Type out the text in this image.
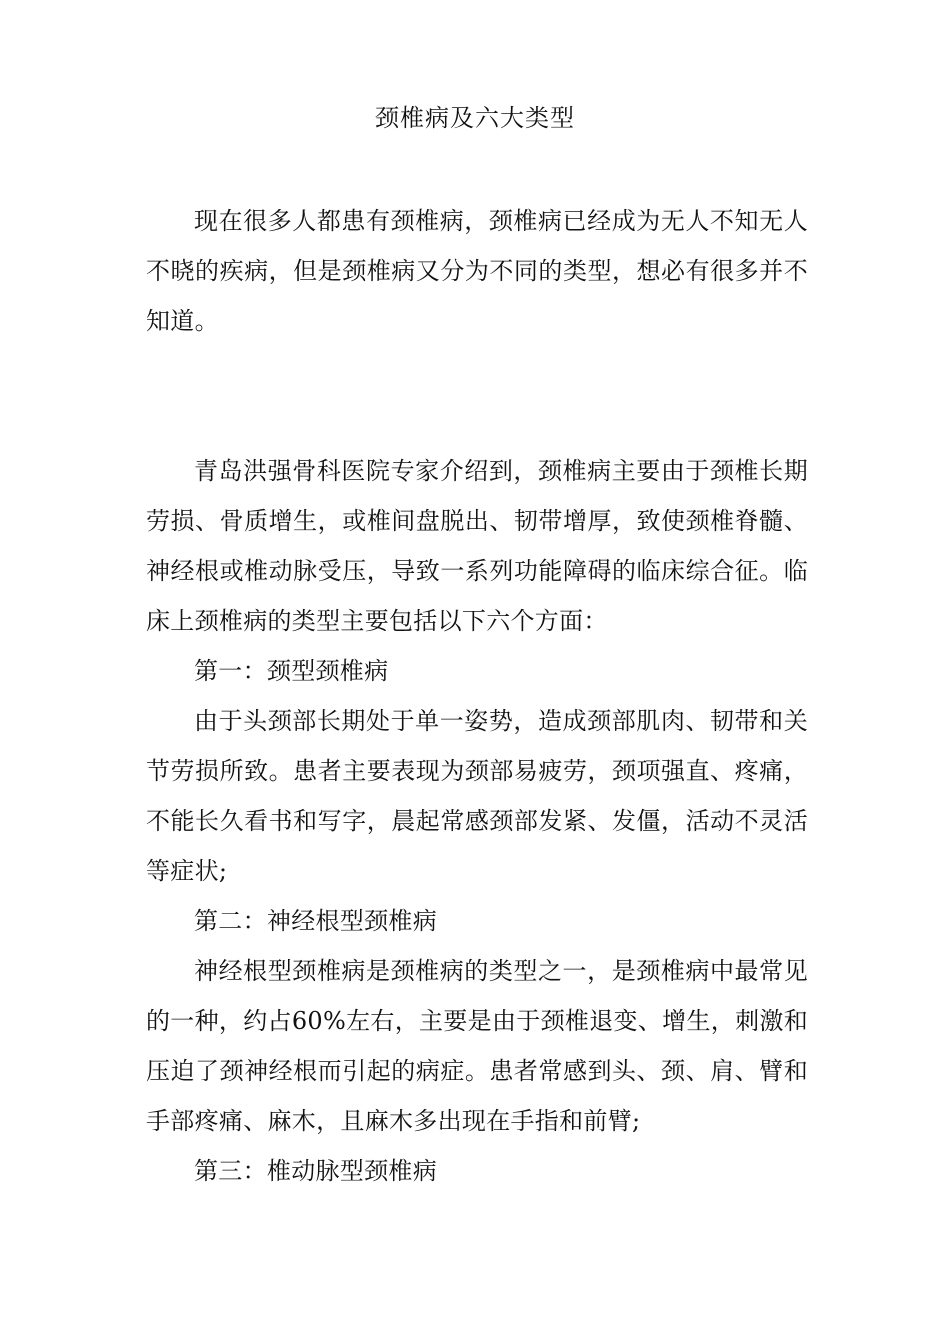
颈椎病及六大类型

现在很多人都患有颈椎病，颈椎病已经成为无人不知无人不晓的疾病，但是颈椎病又分为不同的类型，想必有很多并不知道。

青岛洪强骨科医院专家介绍到，颈椎病主要由于颈椎长期劳损、骨质增生，或椎间盘脱出、韧带增厚，致使颈椎脊髓、神经根或椎动脉受压，导致一系列功能障碍的临床综合征。临床上颈椎病的类型主要包括以下六个方面：

第一：颈型颈椎病

由于头颈部长期处于单一姿势，造成颈部肌肉、韧带和关节劳损所致。患者主要表现为颈部易疲劳，颈项强直、疼痛，不能长久看书和写字，晨起常感颈部发紧、发僵，活动不灵活等症状;

第二：神经根型颈椎病

神经根型颈椎病是颈椎病的类型之一，是颈椎病中最常见的一种，约占60%左右，主要是由于颈椎退变、增生，刺激和压迫了颈神经根而引起的病症。患者常感到头、颈、肩、臂和手部疼痛、麻木，且麻木多出现在手指和前臂;

第三：椎动脉型颈椎病
